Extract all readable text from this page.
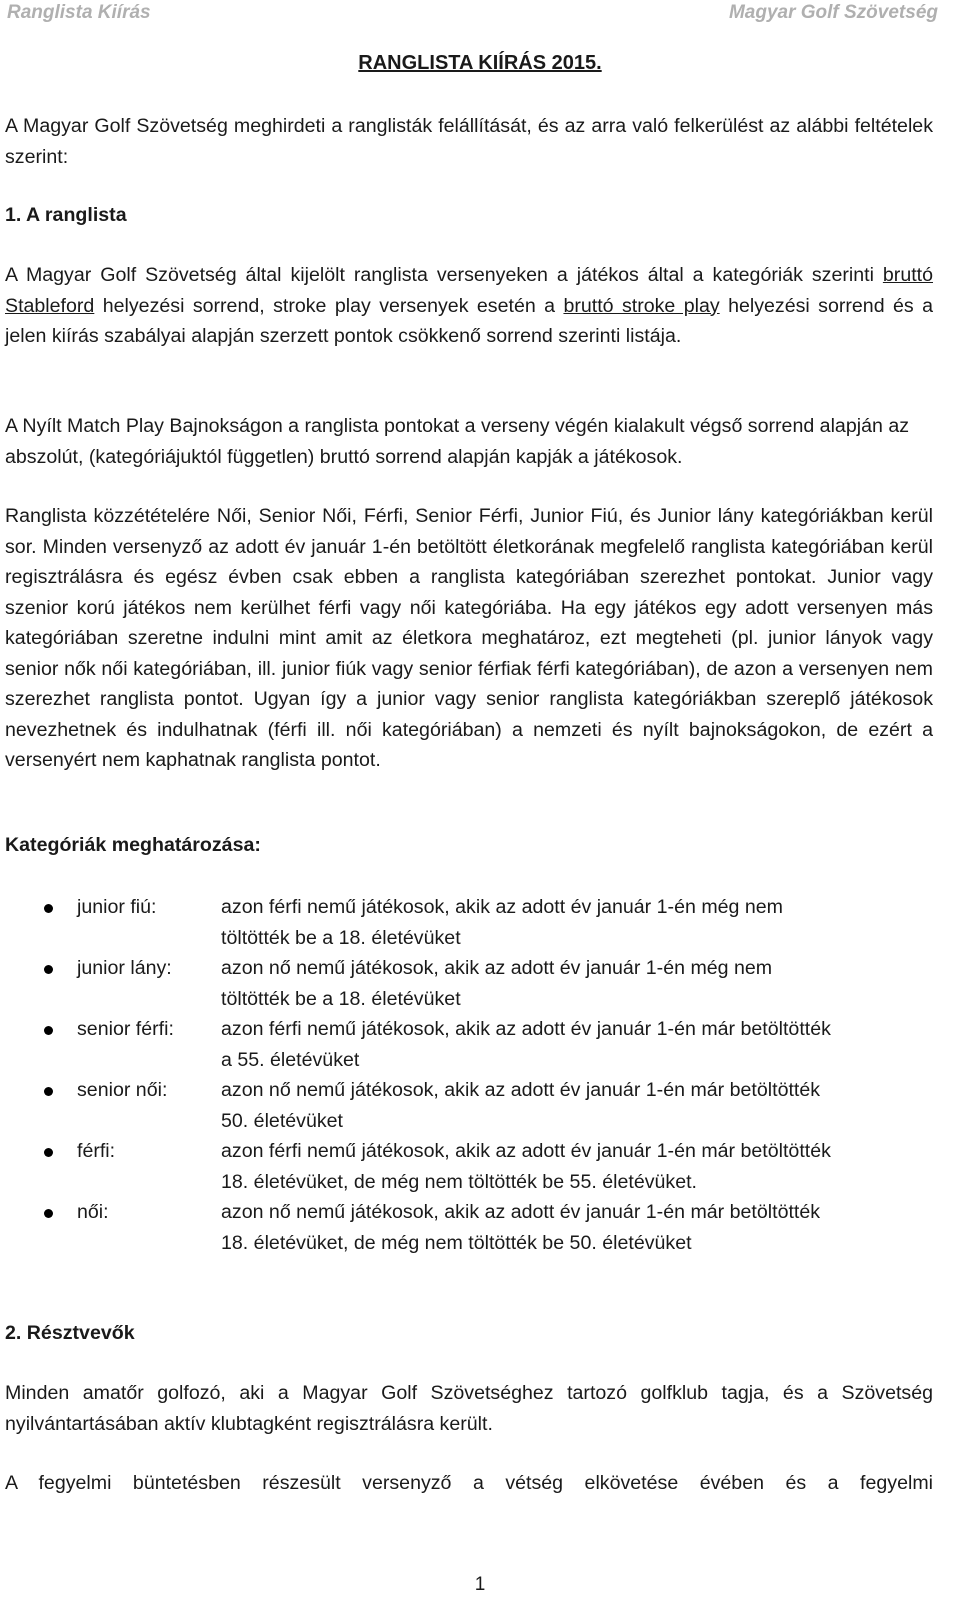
Ranglista Kiírás	Magyar Golf Szövetség
RANGLISTA KIÍRÁS 2015.
A Magyar Golf Szövetség meghirdeti a ranglisták felállítását, és az arra való felkerülést az alábbi feltételek szerint:
1. A ranglista
A Magyar Golf Szövetség által kijelölt ranglista versenyeken a játékos által a kategóriák szerinti bruttó Stableford helyezési sorrend, stroke play versenyek esetén a bruttó stroke play helyezési sorrend és a jelen kiírás szabályai alapján szerzett pontok csökkenő sorrend szerinti listája.
A Nyílt Match Play Bajnokságon a ranglista pontokat a verseny végén kialakult végső sorrend alapján az abszolút, (kategóriájuktól független) bruttó sorrend alapján kapják a játékosok.
Ranglista közzétételére Női, Senior Női, Férfi, Senior Férfi, Junior Fiú, és Junior lány kategóriákban kerül sor. Minden versenyző az adott év január 1-én betöltött életkorának megfelelő ranglista kategóriában kerül regisztrálásra és egész évben csak ebben a ranglista kategóriában szerezhet pontokat. Junior vagy szenior korú játékos nem kerülhet férfi vagy női kategóriába. Ha egy játékos egy adott versenyen más kategóriában szeretne indulni mint amit az életkora meghatároz, ezt megteheti (pl. junior lányok vagy senior nők női kategóriában, ill. junior fiúk vagy senior férfiak férfi kategóriában), de azon a versenyen nem szerezhet ranglista pontot. Ugyan így a junior vagy senior ranglista kategóriákban szereplő játékosok nevezhetnek és indulhatnak (férfi ill. női kategóriában) a nemzeti és nyílt bajnokságokon, de ezért a versenyért nem kaphatnak ranglista pontot.
Kategóriák meghatározása:
junior fiú:	azon férfi nemű játékosok, akik az adott év január 1-én még nem
töltötték be a 18. életévüket
junior lány:	azon nő nemű játékosok, akik az adott év január 1-én még nem
töltötték be a 18. életévüket
senior férfi: azon férfi nemű játékosok, akik az adott év január 1-én már betöltötték
a 55. életévüket
senior női:	azon nő nemű játékosok, akik az adott év január 1-én már betöltötték
50. életévüket
férfi:	azon férfi nemű játékosok, akik az adott év január 1-én már betöltötték
18. életévüket, de még nem töltötték be 55. életévüket.
női:	azon nő nemű játékosok, akik az adott év január 1-én már betöltötték
18. életévüket, de még nem töltötték be 50. életévüket
2. Résztvevők
Minden amatőr golfozó, aki a Magyar Golf Szövetséghez tartozó golfklub tagja, és a Szövetség nyilvántartásában aktív klubtagként regisztrálásra került.
A fegyelmi büntetésben részesült versenyző a vétség elkövetése évében és a fegyelmi
1
